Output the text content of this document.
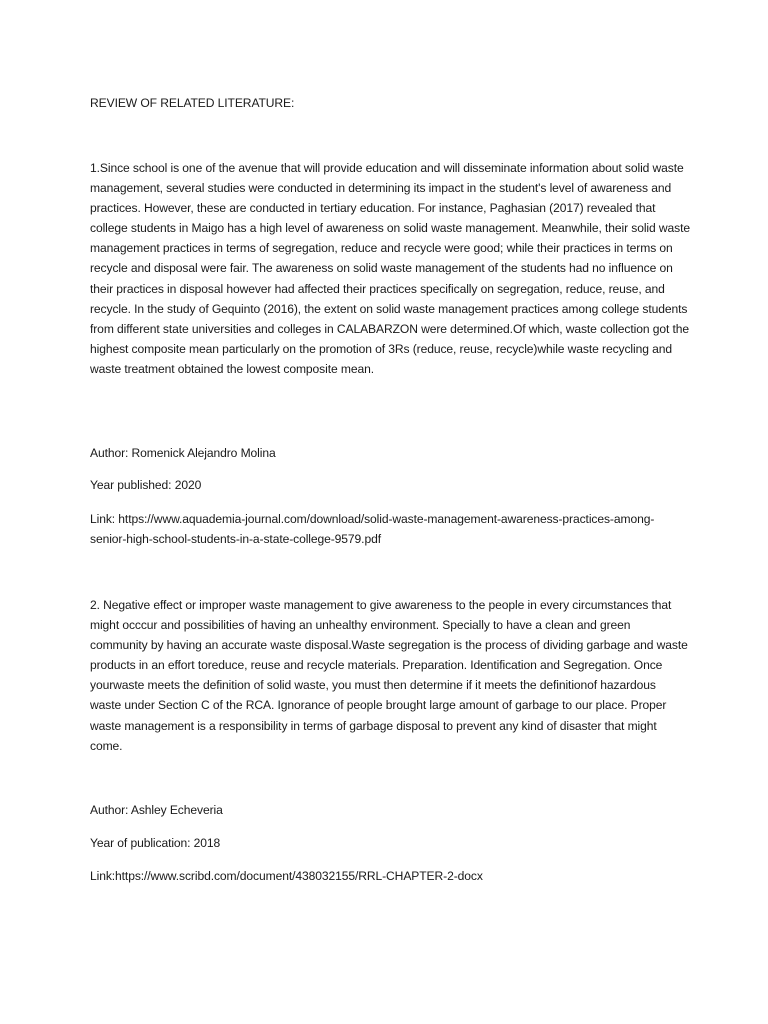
REVIEW OF RELATED LITERATURE:
1.Since school is one of the avenue that will provide education and will disseminate information about solid waste management, several studies were conducted in determining its impact in the student's level of awareness and practices. However, these are conducted in tertiary education. For instance, Paghasian (2017) revealed that college students in Maigo has a high level of awareness on solid waste management. Meanwhile, their solid waste management practices in terms of segregation, reduce and recycle were good; while their practices in terms on recycle and disposal were fair. The awareness on solid waste management of the students had no influence on their practices in disposal however had affected their practices specifically on segregation, reduce, reuse, and recycle. In the study of Gequinto (2016), the extent on solid waste management practices among college students from different state universities and colleges in CALABARZON were determined.Of which, waste collection got the highest composite mean particularly on the promotion of 3Rs (reduce, reuse, recycle)while waste recycling and waste treatment obtained the lowest composite mean.
Author: Romenick Alejandro Molina
Year published: 2020
Link: https://www.aquademia-journal.com/download/solid-waste-management-awareness-practices-among-senior-high-school-students-in-a-state-college-9579.pdf
2. Negative effect or improper waste management to give awareness to the people in every circumstances that might occcur and possibilities of having an unhealthy environment. Specially to have a clean and green community by having an accurate waste disposal.Waste segregation is the process of dividing garbage and waste products in an effort toreduce, reuse and recycle materials. Preparation. Identification and Segregation. Once yourwaste meets the definition of solid waste, you must then determine if it meets the definitionof hazardous waste under Section C of the RCA. Ignorance of people brought large amount of garbage to our place. Proper waste management is a responsibility in terms of garbage disposal to prevent any kind of disaster that might come.
Author: Ashley Echeveria
Year of publication: 2018
Link:https://www.scribd.com/document/438032155/RRL-CHAPTER-2-docx
